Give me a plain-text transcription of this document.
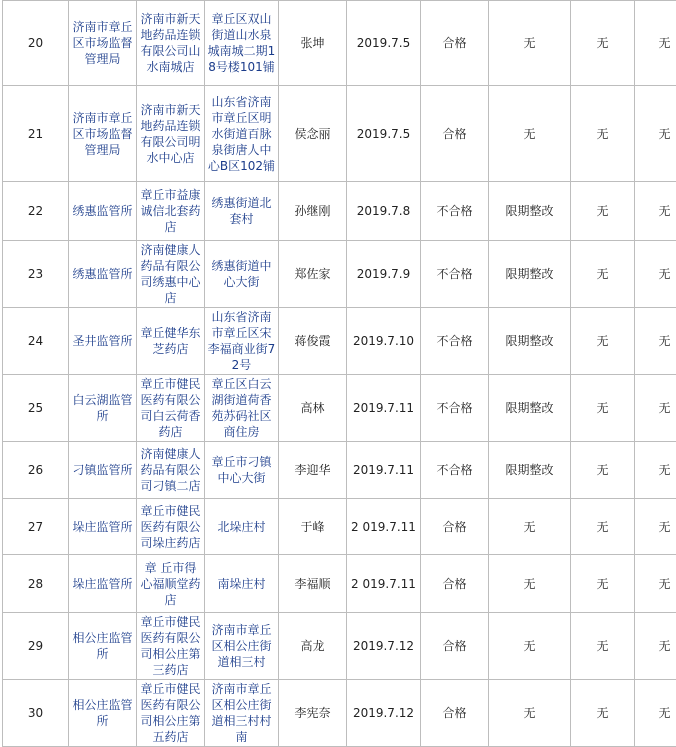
20	济南市章丘区市场监督管理局	济南市新天地药品连锁有限公司山水南城店	章丘区双山街道山水泉城南城二期18号楼101铺	张坤	2019.7.5	合格	无	无	无
21	济南市章丘区市场监督管理局	济南市新天地药品连锁有限公司明水中心店	山东省济南市章丘区明水街道百脉泉街唐人中心B区102铺	侯念丽	2019.7.5	合格	无	无	无
22	绣惠监管所	章丘市益康诚信北套药店	绣惠街道北套村	孙继刚	2019.7.8	不合格	限期整改	无	无
23	绣惠监管所	济南健康人药品有限公司绣惠中心店	绣惠街道中心大街	郑佐家	2019.7.9	不合格	限期整改	无	无
24	圣井监管所	章丘健华东芝药店	山东省济南市章丘区宋李福商业街72号	蒋俊霞	2019.7.10	不合格	限期整改	无	无
25	白云湖监管所	章丘市健民医药有限公司白云荷香药店	章丘区白云湖街道荷香苑苏码社区商住房	高林	2019.7.11	不合格	限期整改	无	无
26	刁镇监管所	济南健康人药品有限公司刁镇二店	章丘市刁镇中心大街	李迎华	2019.7.11	不合格	限期整改	无	无
27	垛庄监管所	章丘市健民医药有限公司垛庄药店	北垛庄村	于峰	2 019.7.11	合格	无	无	无
28	垛庄监管所	章 丘市得心福顺堂药店	南垛庄村	李福顺	2 019.7.11	合格	无	无	无
29	相公庄监管所	章丘市健民医药有限公司相公庄第三药店	济南市章丘区相公庄街道相三村	高龙	2019.7.12	合格	无	无	无
30	相公庄监管所	章丘市健民医药有限公司相公庄第五药店	济南市章丘区相公庄街道相三村村南	李宪奈	2019.7.12	合格	无	无	无
